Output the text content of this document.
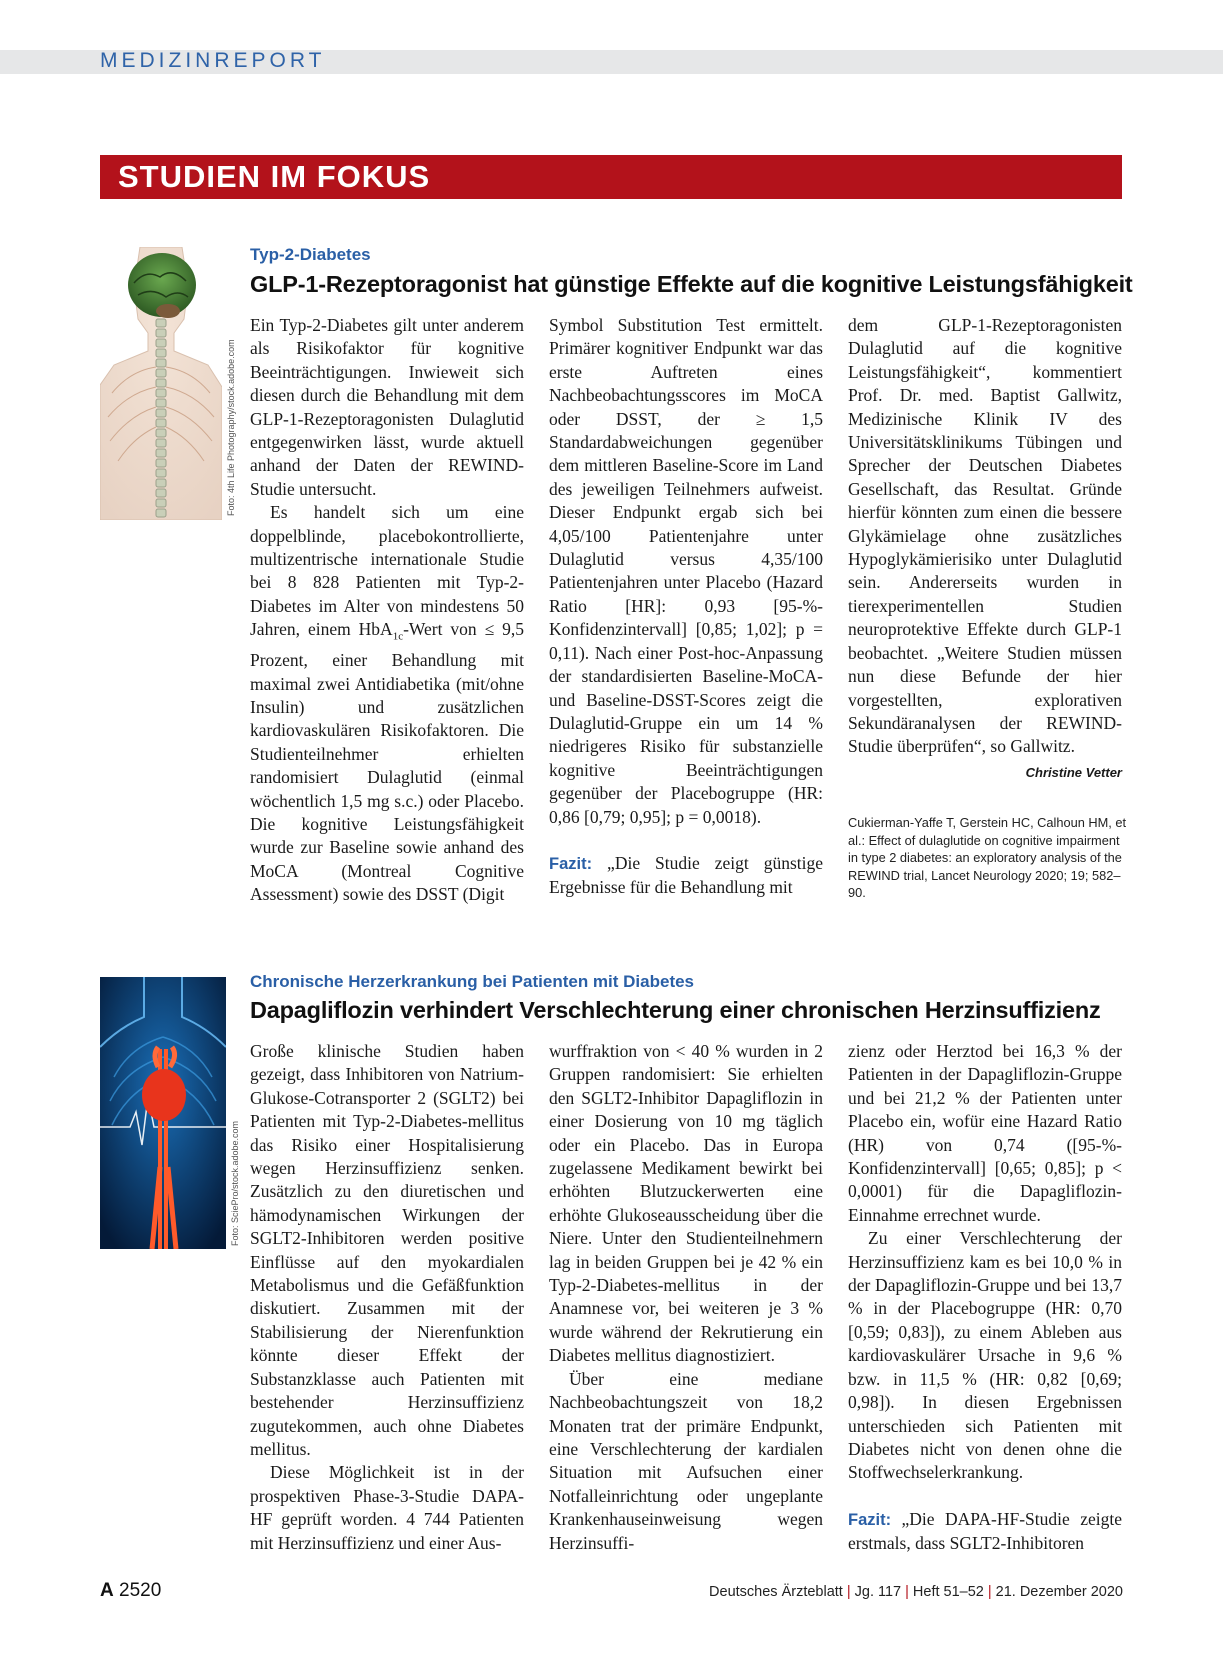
MEDIZINREPORT
STUDIEN IM FOKUS
Foto: 4th Life Photography/stock.adobe.com
Typ-2-Diabetes
GLP-1-Rezeptoragonist hat günstige Effekte auf die kognitive Leistungsfähigkeit

Ein Typ-2-Diabetes gilt unter anderem als Risikofaktor für kognitive Beeinträchtigungen. Inwieweit sich diesen durch die Behandlung mit dem GLP-1-Rezeptoragonisten Dulaglutid entgegenwirken lässt, wurde aktuell anhand der Daten der REWIND-Studie untersucht.

Es handelt sich um eine doppelblinde, placebokontrollierte, multizentrische internationale Studie bei 8 828 Patienten mit Typ-2-Diabetes im Alter von mindestens 50 Jahren, einem HbA$_{1c}$-Wert von ≤ 9,5 Prozent, einer Behandlung mit maximal zwei Antidiabetika (mit/ohne Insulin) und zusätzlichen kardiovaskulären Risikofaktoren. Die Studienteilnehmer erhielten randomisiert Dulaglutid (einmal wöchentlich 1,5 mg s.c.) oder Placebo. Die kognitive Leistungsfähigkeit wurde zur Baseline sowie anhand des MoCA (Montreal Cognitive Assessment) sowie des DSST (Digit

Symbol Substitution Test ermittelt. Primärer kognitiver Endpunkt war das erste Auftreten eines Nachbeobachtungsscores im MoCA oder DSST, der ≥ 1,5 Standardabweichungen gegenüber dem mittleren Baseline-Score im Land des jeweiligen Teilnehmers aufweist. Dieser Endpunkt ergab sich bei 4,05/100 Patientenjahre unter Dulaglutid versus 4,35/100 Patientenjahren unter Placebo (Hazard Ratio [HR]: 0,93 [95-%-Konfidenzintervall] [0,85; 1,02]; p = 0,11). Nach einer Post-hoc-Anpassung der standardisierten Baseline-MoCA- und Baseline-DSST-Scores zeigt die Dulaglutid-Gruppe ein um 14 % niedrigeres Risiko für substanzielle kognitive Beeinträchtigungen gegenüber der Placebogruppe (HR: 0,86 [0,79; 0,95]; p = 0,0018).

Fazit: „Die Studie zeigt günstige Ergebnisse für die Behandlung mit

dem GLP-1-Rezeptoragonisten Dulaglutid auf die kognitive Leistungsfähigkeit“, kommentiert Prof. Dr. med. Baptist Gallwitz, Medizinische Klinik IV des Universitätsklinikums Tübingen und Sprecher der Deutschen Diabetes Gesellschaft, das Resultat. Gründe hierfür könnten zum einen die bessere Glykämielage ohne zusätzliches Hypoglykämierisiko unter Dulaglutid sein. Andererseits wurden in tierexperimentellen Studien neuroprotektive Effekte durch GLP-1 beobachtet. „Weitere Studien müssen nun diese Befunde der hier vorgestellten, explorativen Sekundäranalysen der REWIND-Studie überprüfen“, so Gallwitz.

Christine Vetter
Cukierman-Yaffe T, Gerstein HC, Calhoun HM, et al.: Effect of dulaglutide on cognitive impairment in type 2 diabetes: an exploratory analysis of the REWIND trial, Lancet Neurology 2020; 19; 582–90.
Foto: SciePro/stock.adobe.com
Chronische Herzerkrankung bei Patienten mit Diabetes
Dapagliflozin verhindert Verschlechterung einer chronischen Herzinsuffizienz

Große klinische Studien haben gezeigt, dass Inhibitoren von Natrium-Glukose-Cotransporter 2 (SGLT2) bei Patienten mit Typ-2-Diabetes-mellitus das Risiko einer Hospitalisierung wegen Herzinsuffizienz senken. Zusätzlich zu den diuretischen und hämodynamischen Wirkungen der SGLT2-Inhibitoren werden positive Einflüsse auf den myokardialen Metabolismus und die Gefäßfunktion diskutiert. Zusammen mit der Stabilisierung der Nierenfunktion könnte dieser Effekt der Substanzklasse auch Patienten mit bestehender Herzinsuffizienz zugutekommen, auch ohne Diabetes mellitus.

Diese Möglichkeit ist in der prospektiven Phase-3-Studie DAPA-HF geprüft worden. 4 744 Patienten mit Herzinsuffizienz und einer Aus-

wurffraktion von < 40 % wurden in 2 Gruppen randomisiert: Sie erhielten den SGLT2-Inhibitor Dapagliflozin in einer Dosierung von 10 mg täglich oder ein Placebo. Das in Europa zugelassene Medikament bewirkt bei erhöhten Blutzuckerwerten eine erhöhte Glukoseausscheidung über die Niere. Unter den Studienteilnehmern lag in beiden Gruppen bei je 42 % ein Typ-2-Diabetes-mellitus in der Anamnese vor, bei weiteren je 3 % wurde während der Rekrutierung ein Diabetes mellitus diagnostiziert.

Über eine mediane Nachbeobachtungszeit von 18,2 Monaten trat der primäre Endpunkt, eine Verschlechterung der kardialen Situation mit Aufsuchen einer Notfalleinrichtung oder ungeplante Krankenhauseinweisung wegen Herzinsuffi-

zienz oder Herztod bei 16,3 % der Patienten in der Dapagliflozin-Gruppe und bei 21,2 % der Patienten unter Placebo ein, wofür eine Hazard Ratio (HR) von 0,74 ([95-%-Konfidenzintervall] [0,65; 0,85]; p < 0,0001) für die Dapagliflozin-Einnahme errechnet wurde.

Zu einer Verschlechterung der Herzinsuffizienz kam es bei 10,0 % in der Dapagliflozin-Gruppe und bei 13,7 % in der Placebogruppe (HR: 0,70 [0,59; 0,83]), zu einem Ableben aus kardiovaskulärer Ursache in 9,6 % bzw. in 11,5 % (HR: 0,82 [0,69; 0,98]). In diesen Ergebnissen unterschieden sich Patienten mit Diabetes nicht von denen ohne die Stoffwechselerkrankung.

Fazit: „Die DAPA-HF-Studie zeigte erstmals, dass SGLT2-Inhibitoren

A 2520	Deutsches Ärzteblatt | Jg. 117 | Heft 51–52 | 21. Dezember 2020
